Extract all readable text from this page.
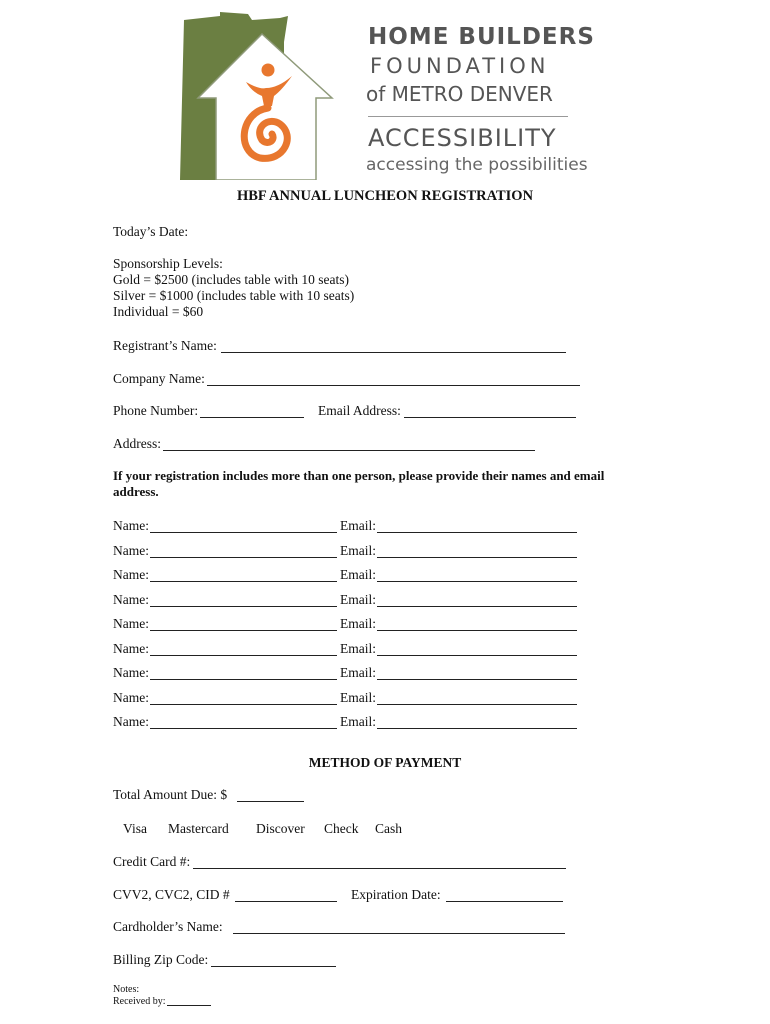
HOME BUILDERS
FOUNDATION
of METRO DENVER
ACCESSIBILITY
accessing the possibilities
HBF ANNUAL LUNCHEON REGISTRATION
Today’s Date:
Sponsorship Levels:
Gold = $2500 (includes table with 10 seats)
Silver = $1000 (includes table with 10 seats)
Individual = $60
Registrant’s Name:
Company Name:
Phone Number:	Email Address:
Address:
If your registration includes more than one person, please provide their names and email address.
Name:	Email:
Name:	Email:
Name:	Email:
Name:	Email:
Name:	Email:
Name:	Email:
Name:	Email:
Name:	Email:
Name:	Email:
METHOD OF PAYMENT
Total Amount Due: $
Visa Mastercard Discover Check Cash
Credit Card #:
CVV2, CVC2, CID #	Expiration Date:
Cardholder’s Name:
Billing Zip Code:
Notes:
Received by:
